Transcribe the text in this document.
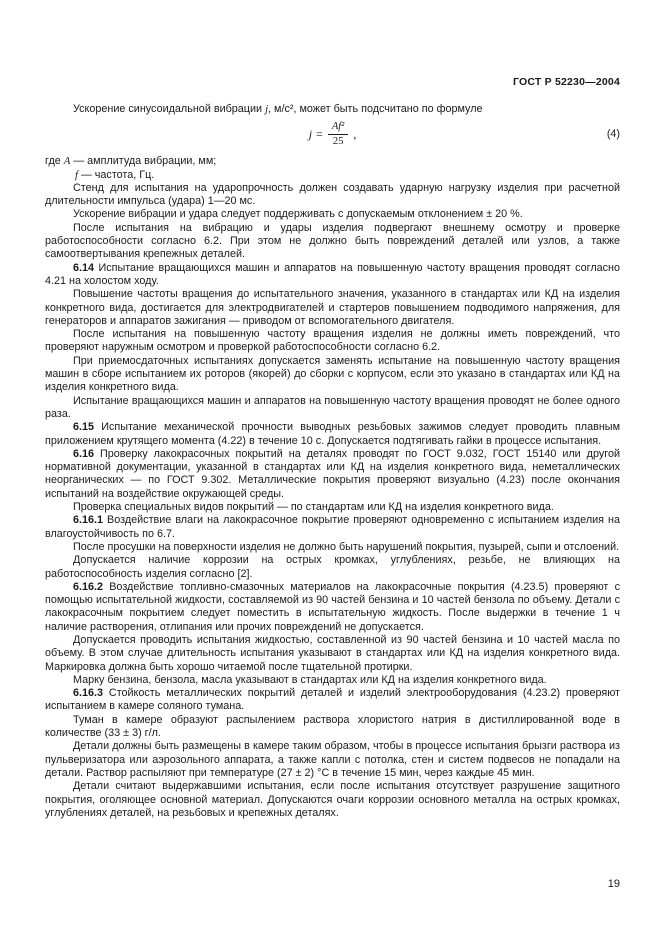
ГОСТ Р 52230—2004

Ускорение синусоидальной вибрации j, м/с², может быть подсчитано по формуле

$j = \frac{\text{Af²}}{25}$ ,	(4)

где A — амплитуда вибрации, мм;

f — частота, Гц.

Стенд для испытания на ударопрочность должен создавать ударную нагрузку изделия при расчетной длительности импульса (удара) 1—20 мс.

Ускорение вибрации и удара следует поддерживать с допускаемым отклонением ± 20 %.

После испытания на вибрацию и удары изделия подвергают внешнему осмотру и проверке работоспособности согласно 6.2. При этом не должно быть повреждений деталей или узлов, а также самоотвертывания крепежных деталей.

6.14 Испытание вращающихся машин и аппаратов на повышенную частоту вращения проводят согласно 4.21 на холостом ходу.

Повышение частоты вращения до испытательного значения, указанного в стандартах или КД на изделия конкретного вида, достигается для электродвигателей и стартеров повышением подводимого напряжения, для генераторов и аппаратов зажигания — приводом от вспомогательного двигателя.

После испытания на повышенную частоту вращения изделия не должны иметь повреждений, что проверяют наружным осмотром и проверкой работоспособности согласно 6.2.

При приемосдаточных испытаниях допускается заменять испытание на повышенную частоту вращения машин в сборе испытанием их роторов (якорей) до сборки с корпусом, если это указано в стандартах или КД на изделия конкретного вида.

Испытание вращающихся машин и аппаратов на повышенную частоту вращения проводят не более одного раза.

6.15 Испытание механической прочности выводных резьбовых зажимов следует проводить плавным приложением крутящего момента (4.22) в течение 10 с. Допускается подтягивать гайки в процессе испытания.

6.16 Проверку лакокрасочных покрытий на деталях проводят по ГОСТ 9.032, ГОСТ 15140 или другой нормативной документации, указанной в стандартах или КД на изделия конкретного вида, неметаллических неорганических — по ГОСТ 9.302. Металлические покрытия проверяют визуально (4.23) после окончания испытаний на воздействие окружающей среды.

Проверка специальных видов покрытий — по стандартам или КД на изделия конкретного вида.

6.16.1 Воздействие влаги на лакокрасочное покрытие проверяют одновременно с испытанием изделия на влагоустойчивость по 6.7.

После просушки на поверхности изделия не должно быть нарушений покрытия, пузырей, сыпи и отслоений.

Допускается наличие коррозии на острых кромках, углублениях, резьбе, не влияющих на работоспособность изделия согласно [2].

6.16.2 Воздействие топливно-смазочных материалов на лакокрасочные покрытия (4.23.5) проверяют с помощью испытательной жидкости, составляемой из 90 частей бензина и 10 частей бензола по объему. Детали с лакокрасочным покрытием следует поместить в испытательную жидкость. После выдержки в течение 1 ч наличие растворения, отлипания или прочих повреждений не допускается.

Допускается проводить испытания жидкостью, составленной из 90 частей бензина и 10 частей масла по объему. В этом случае длительность испытания указывают в стандартах или КД на изделия конкретного вида. Маркировка должна быть хорошо читаемой после тщательной протирки.

Марку бензина, бензола, масла указывают в стандартах или КД на изделия конкретного вида.

6.16.3 Стойкость металлических покрытий деталей и изделий электрооборудования (4.23.2) проверяют испытанием в камере соляного тумана.

Туман в камере образуют распылением раствора хлористого натрия в дистиллированной воде в количестве (33 ± 3) г/л.

Детали должны быть размещены в камере таким образом, чтобы в процессе испытания брызги раствора из пульверизатора или аэрозольного аппарата, а также капли с потолка, стен и систем подвесов не попадали на детали. Раствор распыляют при температуре (27 ± 2) °С в течение 15 мин, через каждые 45 мин.

Детали считают выдержавшими испытания, если после испытания отсутствует разрушение защитного покрытия, оголяющее основной материал. Допускаются очаги коррозии основного металла на острых кромках, углублениях деталей, на резьбовых и крепежных деталях.

19
